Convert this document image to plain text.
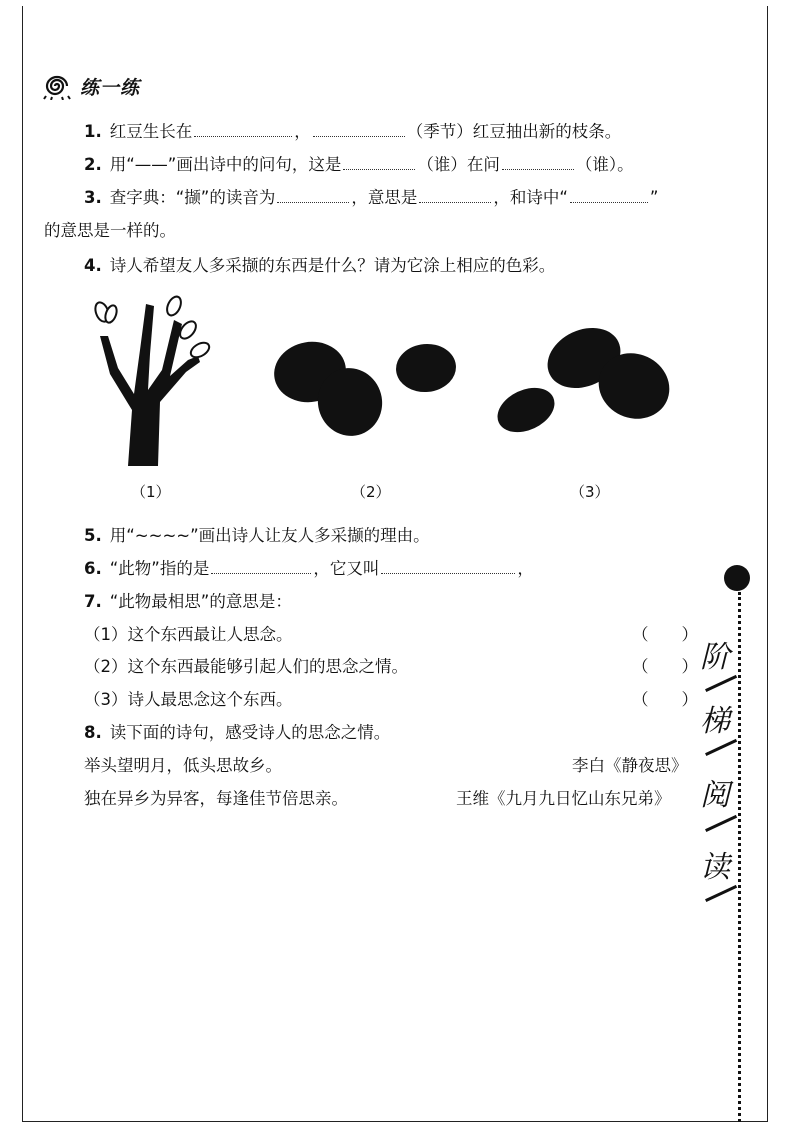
练一练
1. 红豆生长在	，	（季节）红豆抽出新的枝条。
2. 用“——”画出诗中的问句，这是	（谁）在问	（谁）。
3. 查字典：“撷”的读音为	，意思是	，和诗中“	”
的意思是一样的。
4. 诗人希望友人多采撷的东西是什么？请为它涂上相应的色彩。
（1）	（2）	（3）
5. 用“~~~~”画出诗人让友人多采撷的理由。
6. “此物”指的是	，它又叫	，
7. “此物最相思”的意思是：
（1）这个东西最让人思念。	（　　）
（2）这个东西最能够引起人们的思念之情。	（　　）
（3）诗人最思念这个东西。	（　　）
8. 读下面的诗句，感受诗人的思念之情。
举头望明月，低头思故乡。	李白《静夜思》
独在异乡为异客，每逢佳节倍思亲。	王维《九月九日忆山东兄弟》
阶
梯
阅
读
